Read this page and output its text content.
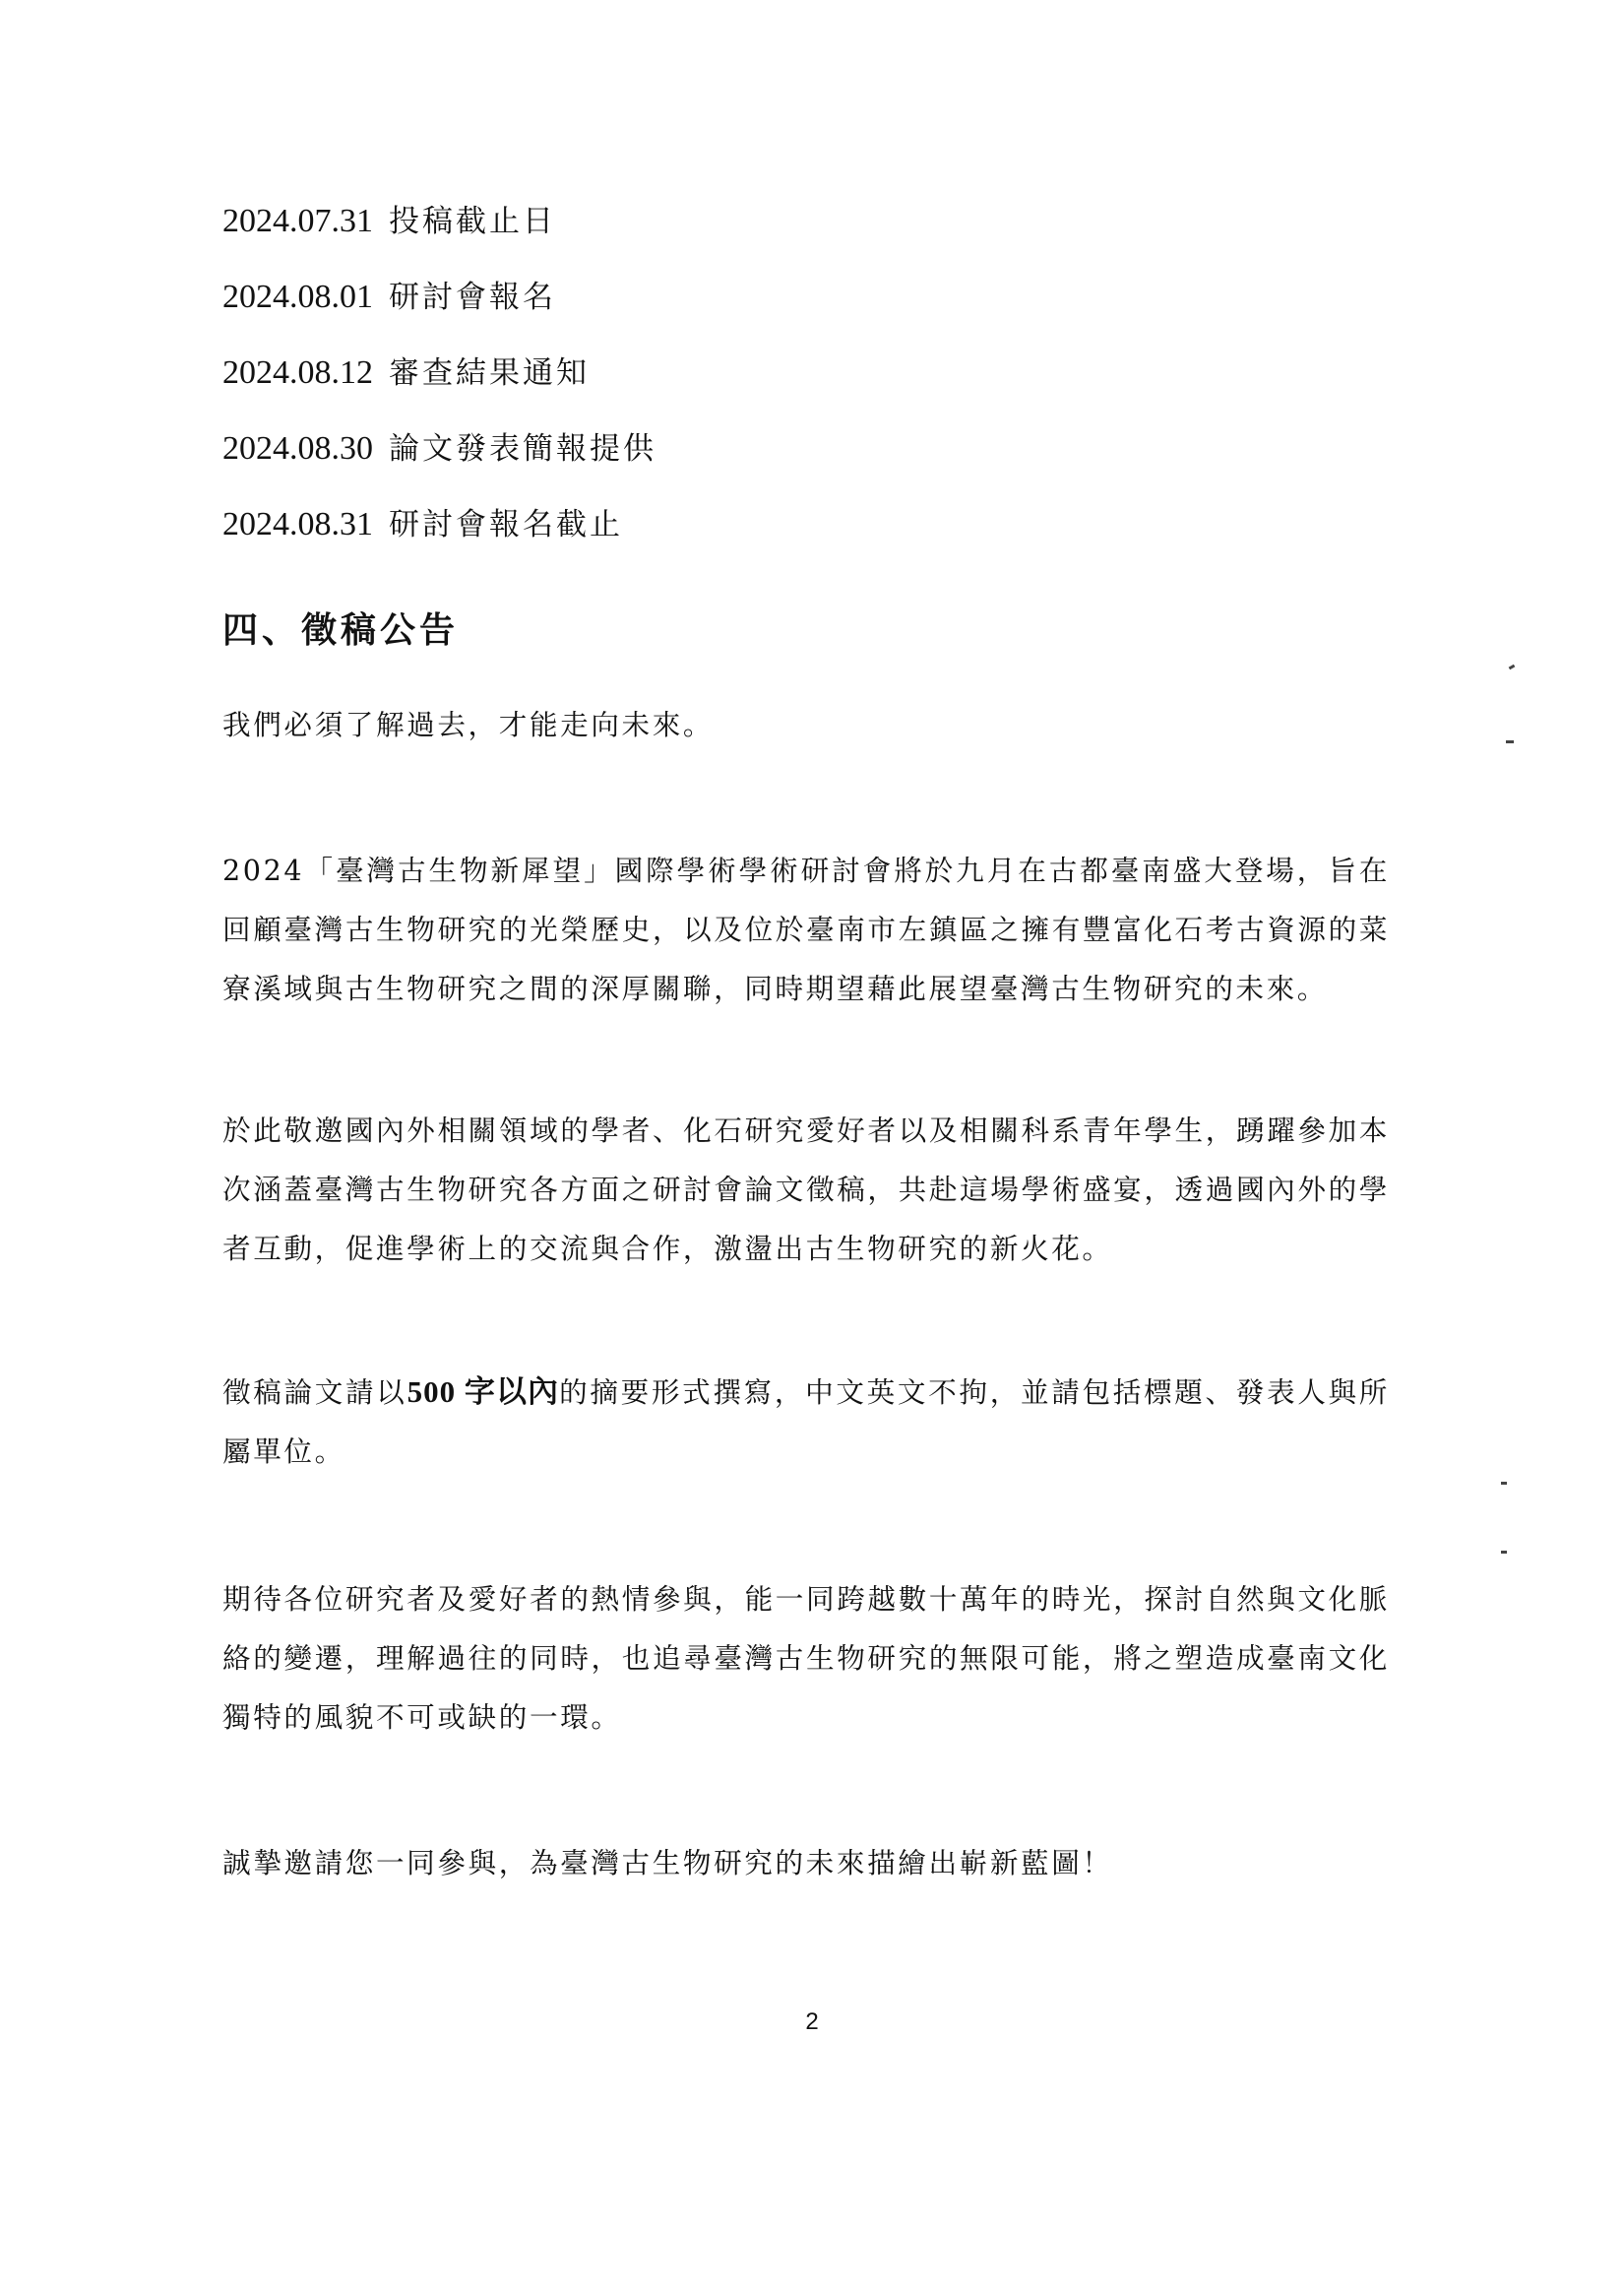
2024.07.31 投稿截止日
2024.08.01 研討會報名
2024.08.12 審查結果通知
2024.08.30 論文發表簡報提供
2024.08.31 研討會報名截止
四、徵稿公告

我們必須了解過去，才能走向未來。

2024「臺灣古生物新犀望」國際學術學術研討會將於九月在古都臺南盛大登場，旨在回顧臺灣古生物研究的光榮歷史，以及位於臺南市左鎮區之擁有豐富化石考古資源的菜寮溪域與古生物研究之間的深厚關聯，同時期望藉此展望臺灣古生物研究的未來。

於此敬邀國內外相關領域的學者、化石研究愛好者以及相關科系青年學生，踴躍參加本次涵蓋臺灣古生物研究各方面之研討會論文徵稿，共赴這場學術盛宴，透過國內外的學者互動，促進學術上的交流與合作，激盪出古生物研究的新火花。

徵稿論文請以500 字以內的摘要形式撰寫，中文英文不拘，並請包括標題、發表人與所屬單位。

期待各位研究者及愛好者的熱情參與，能一同跨越數十萬年的時光，探討自然與文化脈絡的變遷，理解過往的同時，也追尋臺灣古生物研究的無限可能，將之塑造成臺南文化獨特的風貌不可或缺的一環。

誠摯邀請您一同參與，為臺灣古生物研究的未來描繪出嶄新藍圖！

2
